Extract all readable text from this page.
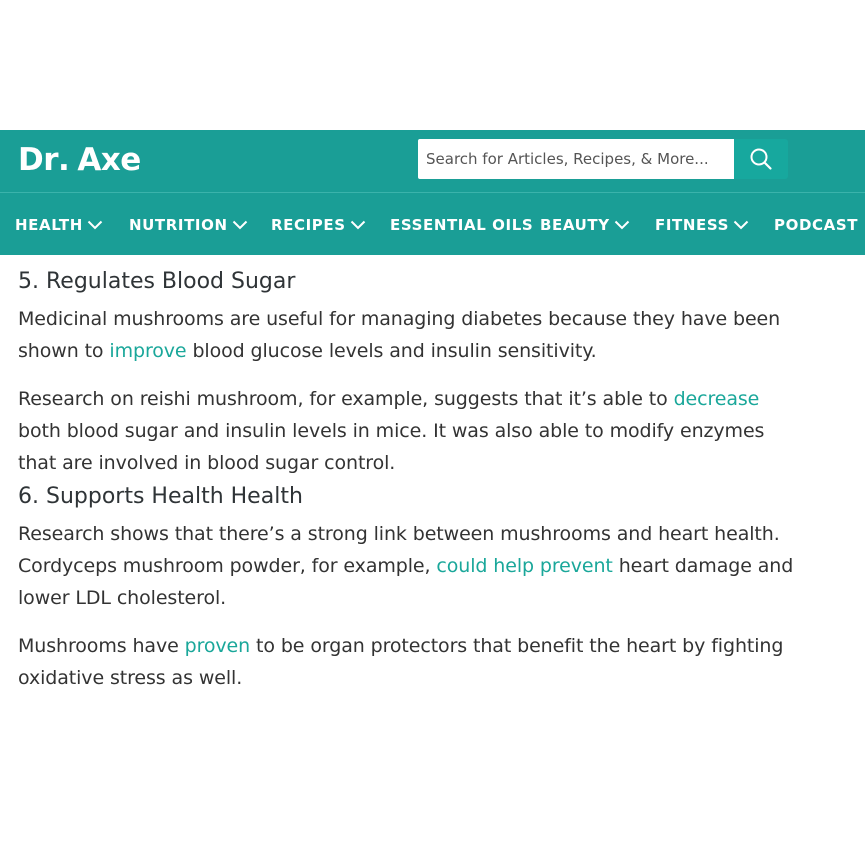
5. Regulates Blood Sugar

Medicinal mushrooms are useful for managing diabetes because they have been shown to improve blood glucose levels and insulin sensitivity.

Research on reishi mushroom, for example, suggests that it’s able to decrease both blood sugar and insulin levels in mice. It was also able to modify enzymes that are involved in blood sugar control.

6. Supports Health Health

Research shows that there’s a strong link between mushrooms and heart health. Cordyceps mushroom powder, for example, could help prevent heart damage and lower LDL cholesterol.

Mushrooms have proven to be organ protectors that benefit the heart by fighting oxidative stress as well.

Dr . Axe
Search for Articles, Recipes, & More...
HEALTH	NUTRITION	RECIPES	ESSENTIAL OILS BEAUTY	FITNESS	PODCAST
